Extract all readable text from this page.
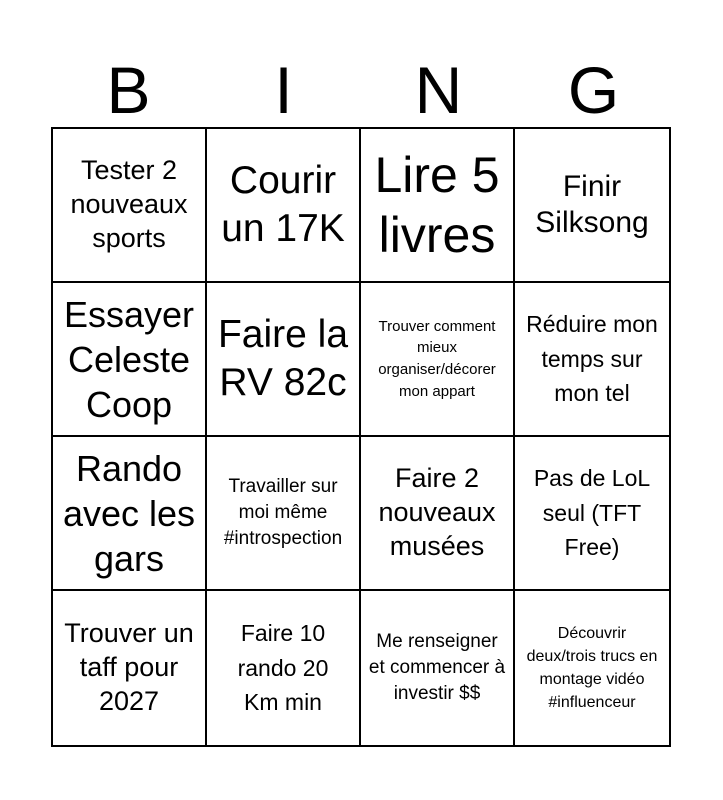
B	I	N	G
Tester 2 nouveaux sports
Courir un 17K
Lire 5 livres
Finir Silksong
Essayer Celeste Coop
Faire la RV 82c
Trouver comment mieux organiser/décorer mon appart
Réduire mon temps sur mon tel
Rando avec les gars
Travailler sur moi même #introspection
Faire 2 nouveaux musées
Pas de LoL seul (TFT Free)
Trouver un taff pour 2027
Faire 10 rando 20 Km min
Me renseigner et commencer à investir $$
Découvrir deux/trois trucs en montage vidéo #influenceur
